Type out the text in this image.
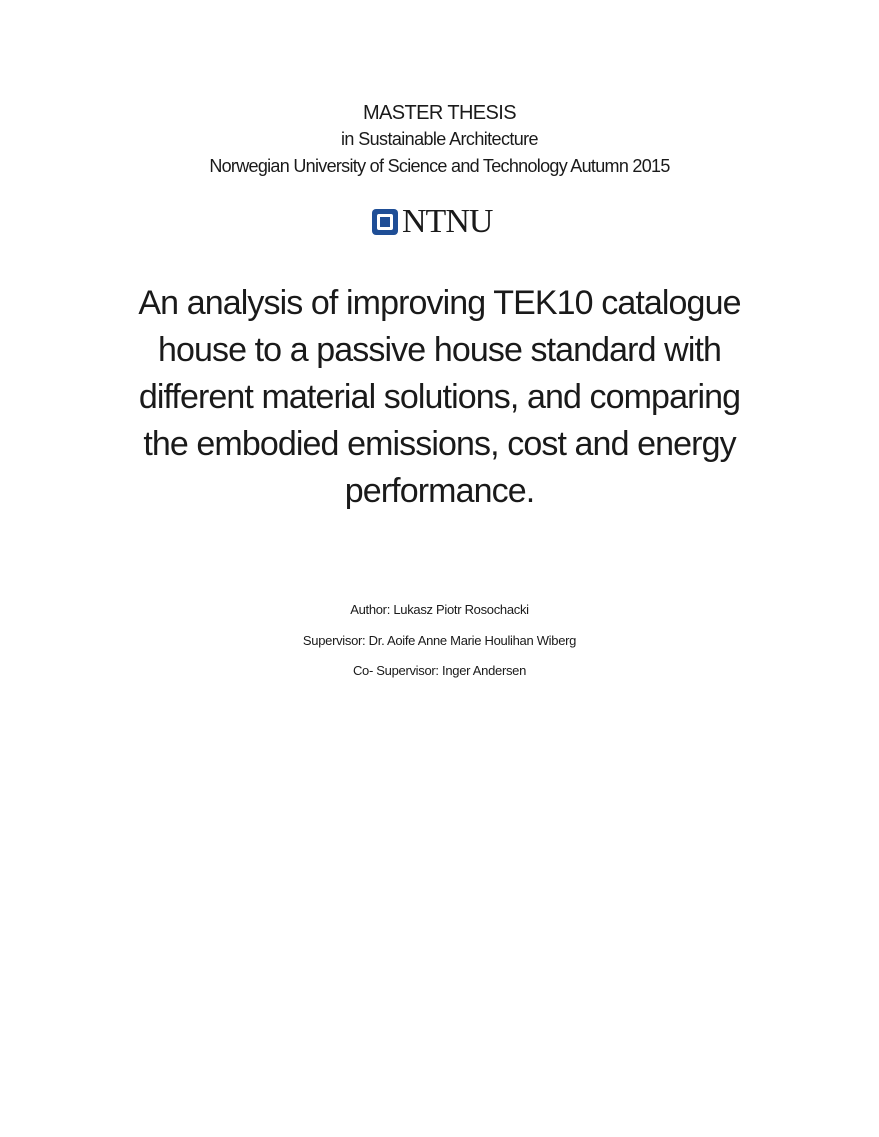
MASTER THESIS
in Sustainable Architecture
Norwegian University of Science and Technology Autumn 2015
NTNU
An analysis of improving TEK10 catalogue house to a passive house standard with different material solutions, and comparing the embodied emissions, cost and energy performance.
Author: Lukasz Piotr Rosochacki
Supervisor: Dr. Aoife Anne Marie Houlihan Wiberg
Co- Supervisor: Inger Andersen
